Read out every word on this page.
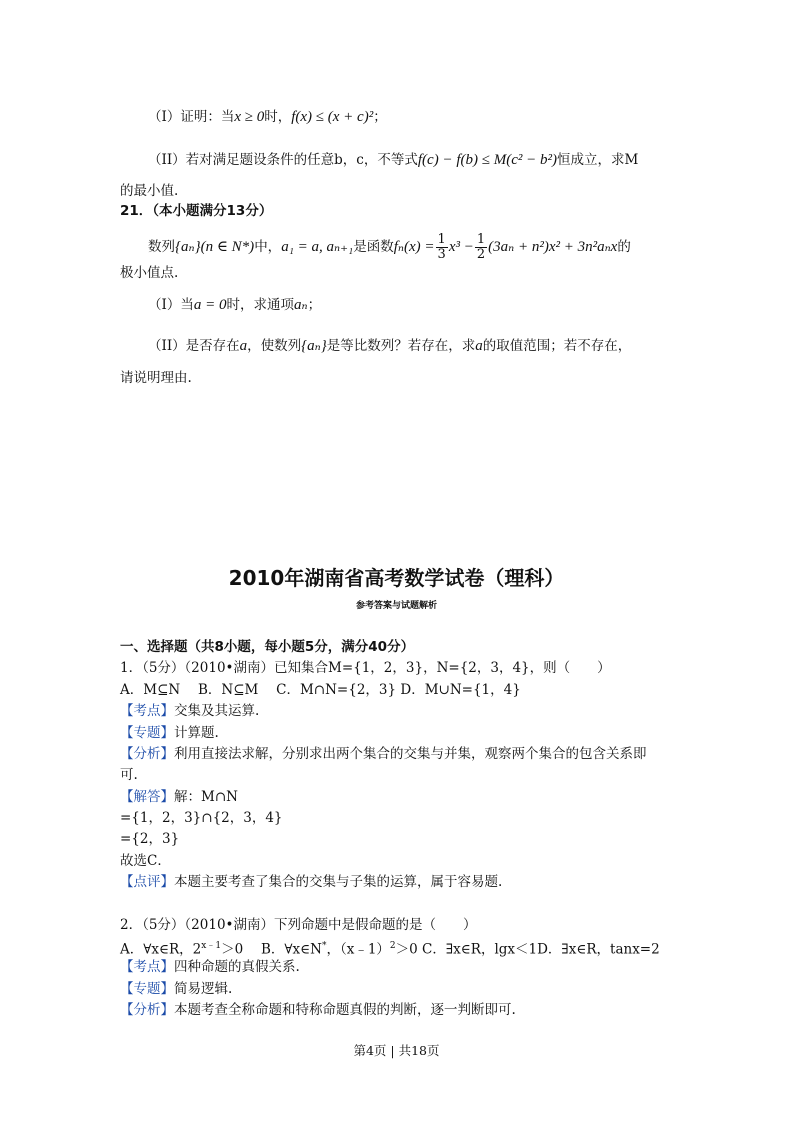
（I）证明：当x ≥ 0时，f(x) ≤ (x + c)²；
（II）若对满足题设条件的任意b，c，不等式f(c) − f(b) ≤ M(c² − b²)恒成立，求M
的最小值.
21．（本小题满分13分）
数列{aₙ}(n ∈ N*)中，a₁ = a, aₙ₊₁是函数$f_n(x) = \frac{1}{3} x^3 - \frac{1}{2} (3a_n + n^2)x^2 + 3n^2a_nx$的
极小值点.
（I）当a = 0时，求通项aₙ；
（II）是否存在a，使数列{aₙ}是等比数列？若存在，求a的取值范围；若不存在，
请说明理由.
2010年湖南省高考数学试卷（理科）
参考答案与试题解析
一、选择题（共8小题，每小题5分，满分40分）
1．（5分）（2010•湖南）已知集合M={1，2，3}，N={2，3，4}，则（　　）
A．M⊆N　 B．N⊆M　 C．M∩N={2，3} D．M∪N={1，4}
【考点】交集及其运算.
【专题】计算题.
【分析】利用直接法求解，分别求出两个集合的交集与并集，观察两个集合的包含关系即
可.
【解答】解：M∩N
={1，2，3}∩{2，3，4}
={2，3}
故选C．
【点评】本题主要考查了集合的交集与子集的运算，属于容易题.
2．（5分）（2010•湖南）下列命题中是假命题的是（　　）
A．∀x∈R，$2^{x﹣1}>0$　 B．∀x∈N*，（x﹣1）$^2$＞0 C．∃x∈R，lgx＜1D．∃x∈R，tanx=2
【考点】四种命题的真假关系.
【专题】简易逻辑.
【分析】本题考查全称命题和特称命题真假的判断，逐一判断即可.
第4页 | 共18页
